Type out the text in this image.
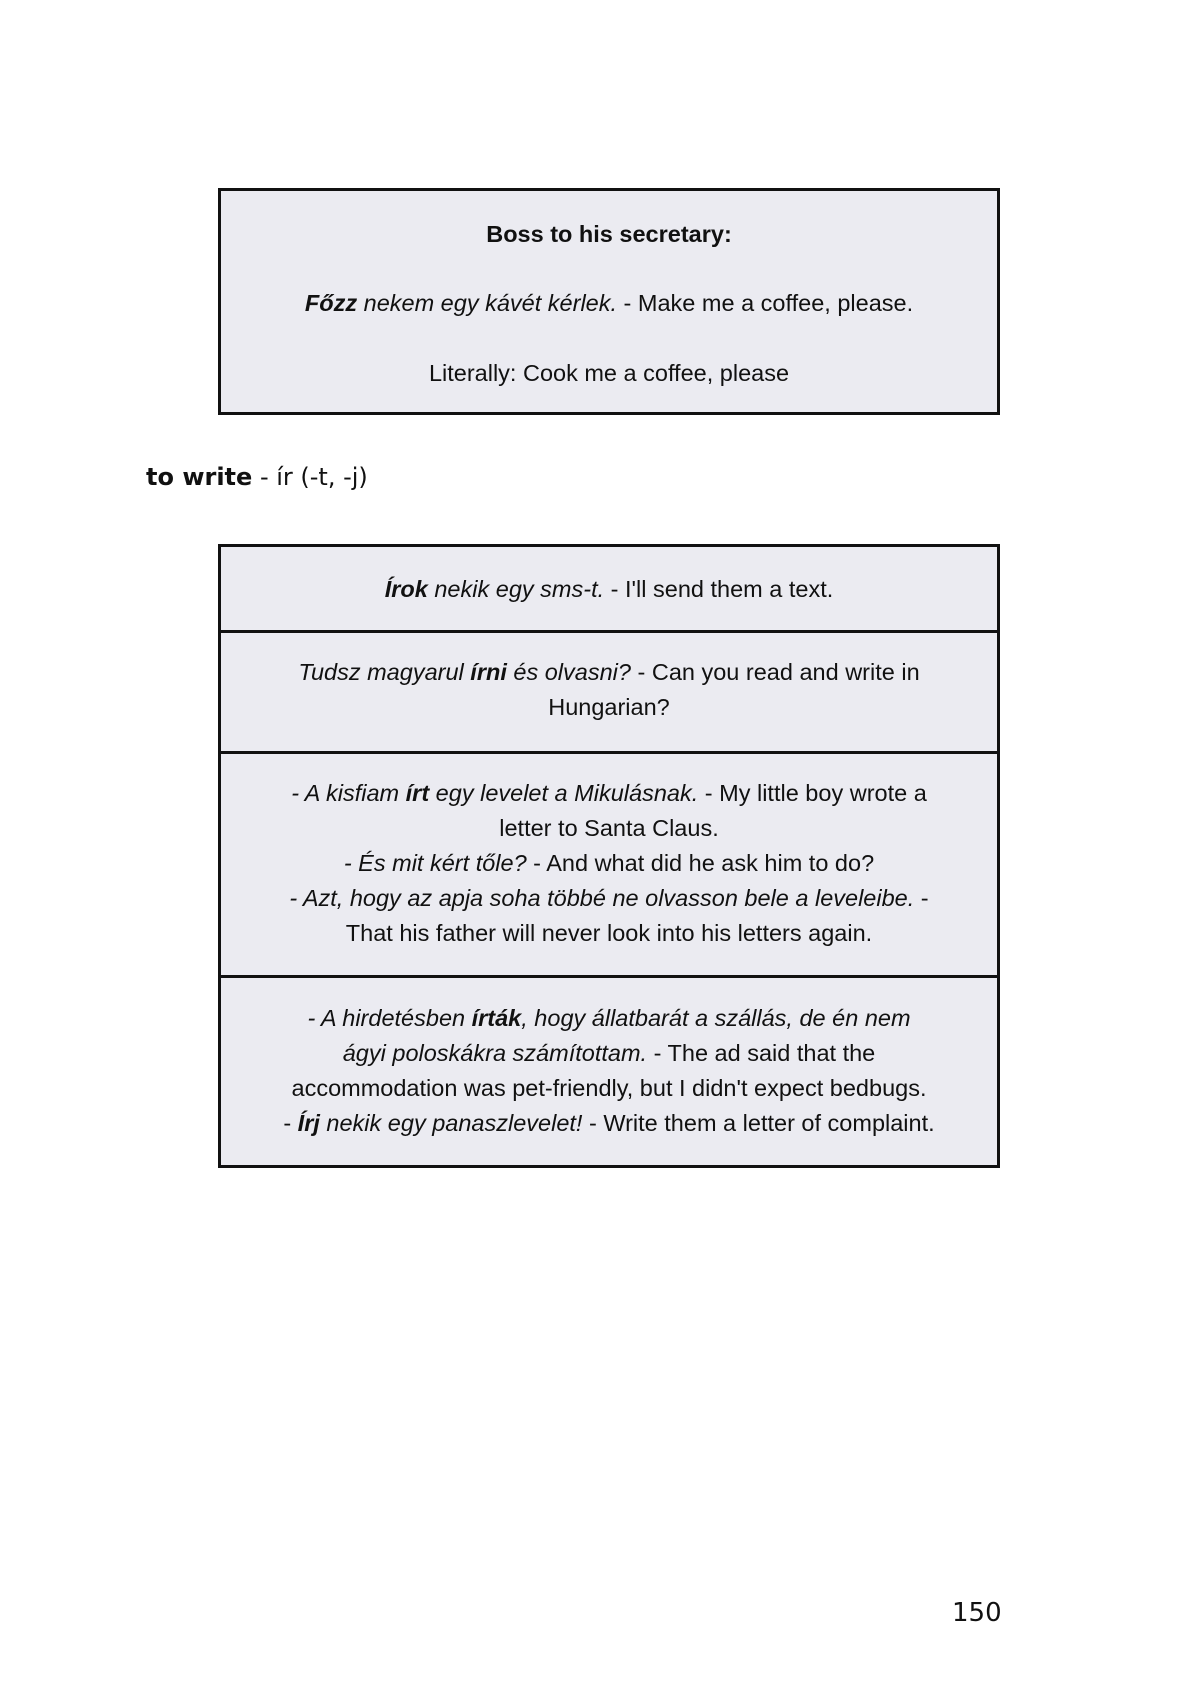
Boss to his secretary:
Főzz nekem egy kávét kérlek. - Make me a coffee, please.
Literally: Cook me a coffee, please
to write - ír (-t, -j)
Írok nekik egy sms-t. - I'll send them a text.
Tudsz magyarul írni és olvasni? - Can you read and write in
Hungarian?
- A kisfiam írt egy levelet a Mikulásnak. - My little boy wrote a
letter to Santa Claus.
- És mit kért tőle? - And what did he ask him to do?
- Azt, hogy az apja soha többé ne olvasson bele a leveleibe. -
That his father will never look into his letters again.
- A hirdetésben írták, hogy állatbarát a szállás, de én nem
ágyi poloskákra számítottam. - The ad said that the
accommodation was pet-friendly, but I didn't expect bedbugs.
- Írj nekik egy panaszlevelet! - Write them a letter of complaint.
150
